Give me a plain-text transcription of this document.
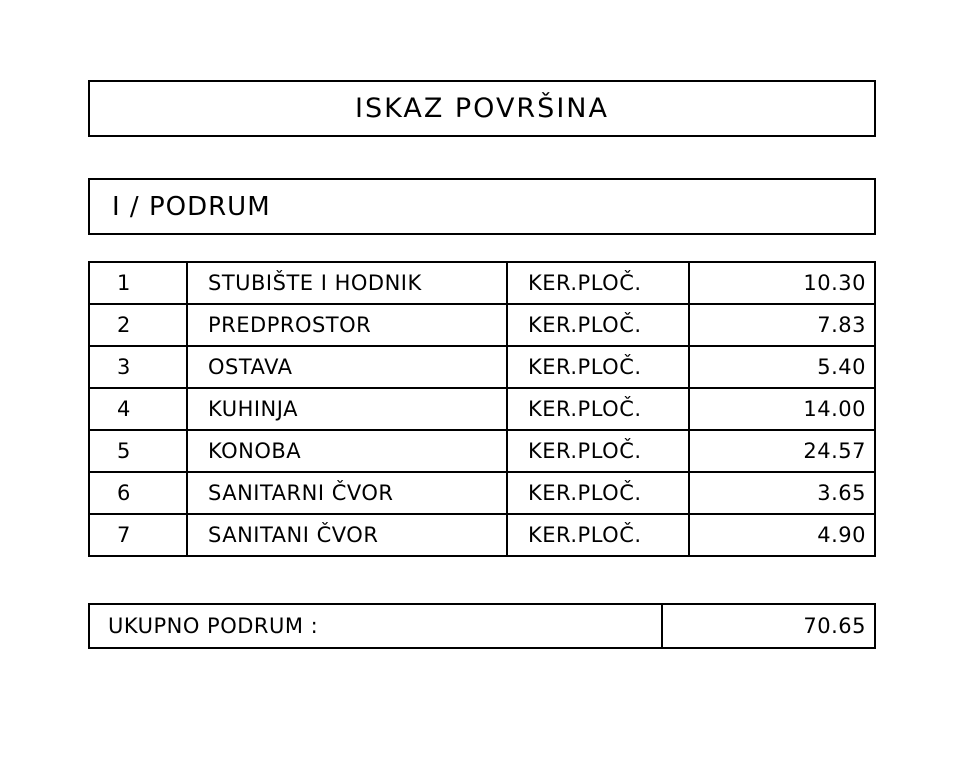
ISKAZ POVRŠINA
I / PODRUM
1	STUBIŠTE I HODNIK	KER.PLOČ.	10.30
2	PREDPROSTOR	KER.PLOČ.	7.83
3	OSTAVA	KER.PLOČ.	5.40
4	KUHINJA	KER.PLOČ.	14.00
5	KONOBA	KER.PLOČ.	24.57
6	SANITARNI ČVOR	KER.PLOČ.	3.65
7	SANITANI ČVOR	KER.PLOČ.	4.90
UKUPNO PODRUM :	70.65
